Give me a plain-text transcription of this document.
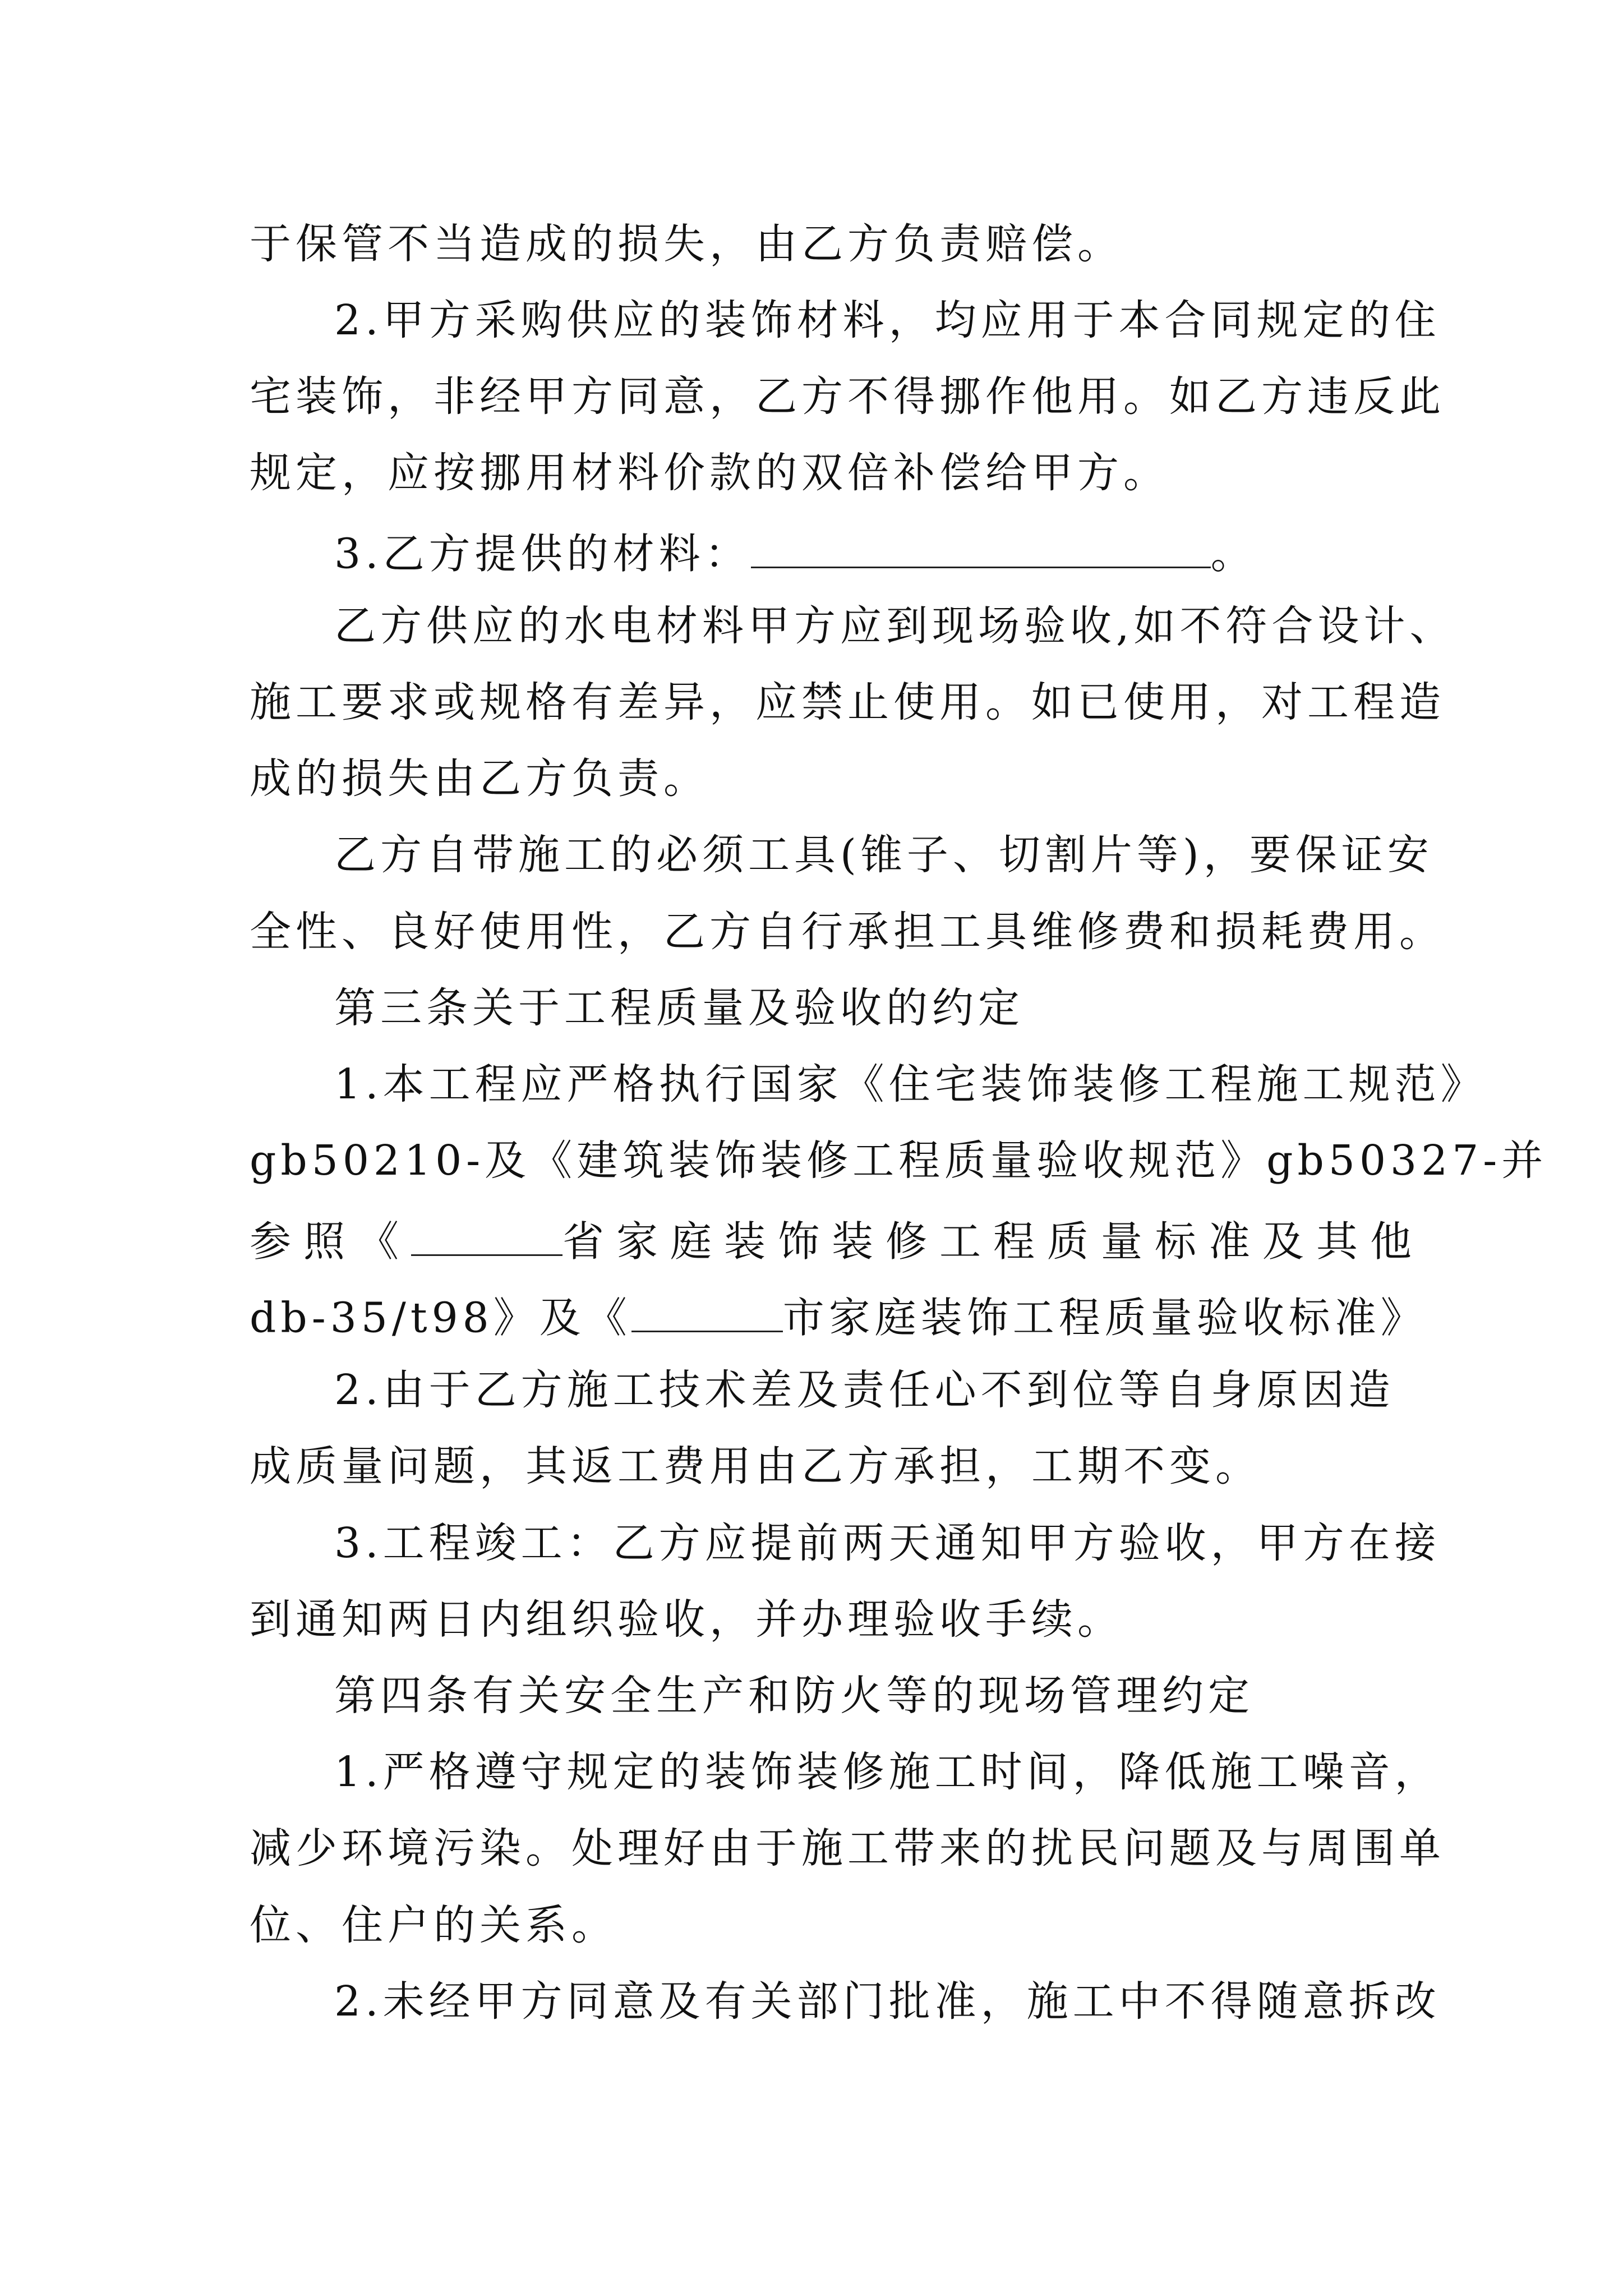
于保管不当造成的损失，由乙方负责赔偿。
2.甲方采购供应的装饰材料，均应用于本合同规定的住
宅装饰，非经甲方同意，乙方不得挪作他用。如乙方违反此
规定，应按挪用材料价款的双倍补偿给甲方。
3.乙方提供的材料：	。
乙方供应的水电材料甲方应到现场验收,如不符合设计、
施工要求或规格有差异，应禁止使用。如已使用，对工程造
成的损失由乙方负责。
乙方自带施工的必须工具(锥子、切割片等)，要保证安
全性、良好使用性，乙方自行承担工具维修费和损耗费用。
第三条关于工程质量及验收的约定
1.本工程应严格执行国家《住宅装饰装修工程施工规范》
gb50210-及《建筑装饰装修工程质量验收规范》gb50327-并
参照《	省家庭装饰装修工程质量标准及其他
db-35/t98》及《	市家庭装饰工程质量验收标准》
2.由于乙方施工技术差及责任心不到位等自身原因造
成质量问题，其返工费用由乙方承担，工期不变。
3.工程竣工：乙方应提前两天通知甲方验收，甲方在接
到通知两日内组织验收，并办理验收手续。
第四条有关安全生产和防火等的现场管理约定
1.严格遵守规定的装饰装修施工时间，降低施工噪音，
减少环境污染。处理好由于施工带来的扰民问题及与周围单
位、住户的关系。
2.未经甲方同意及有关部门批准，施工中不得随意拆改
